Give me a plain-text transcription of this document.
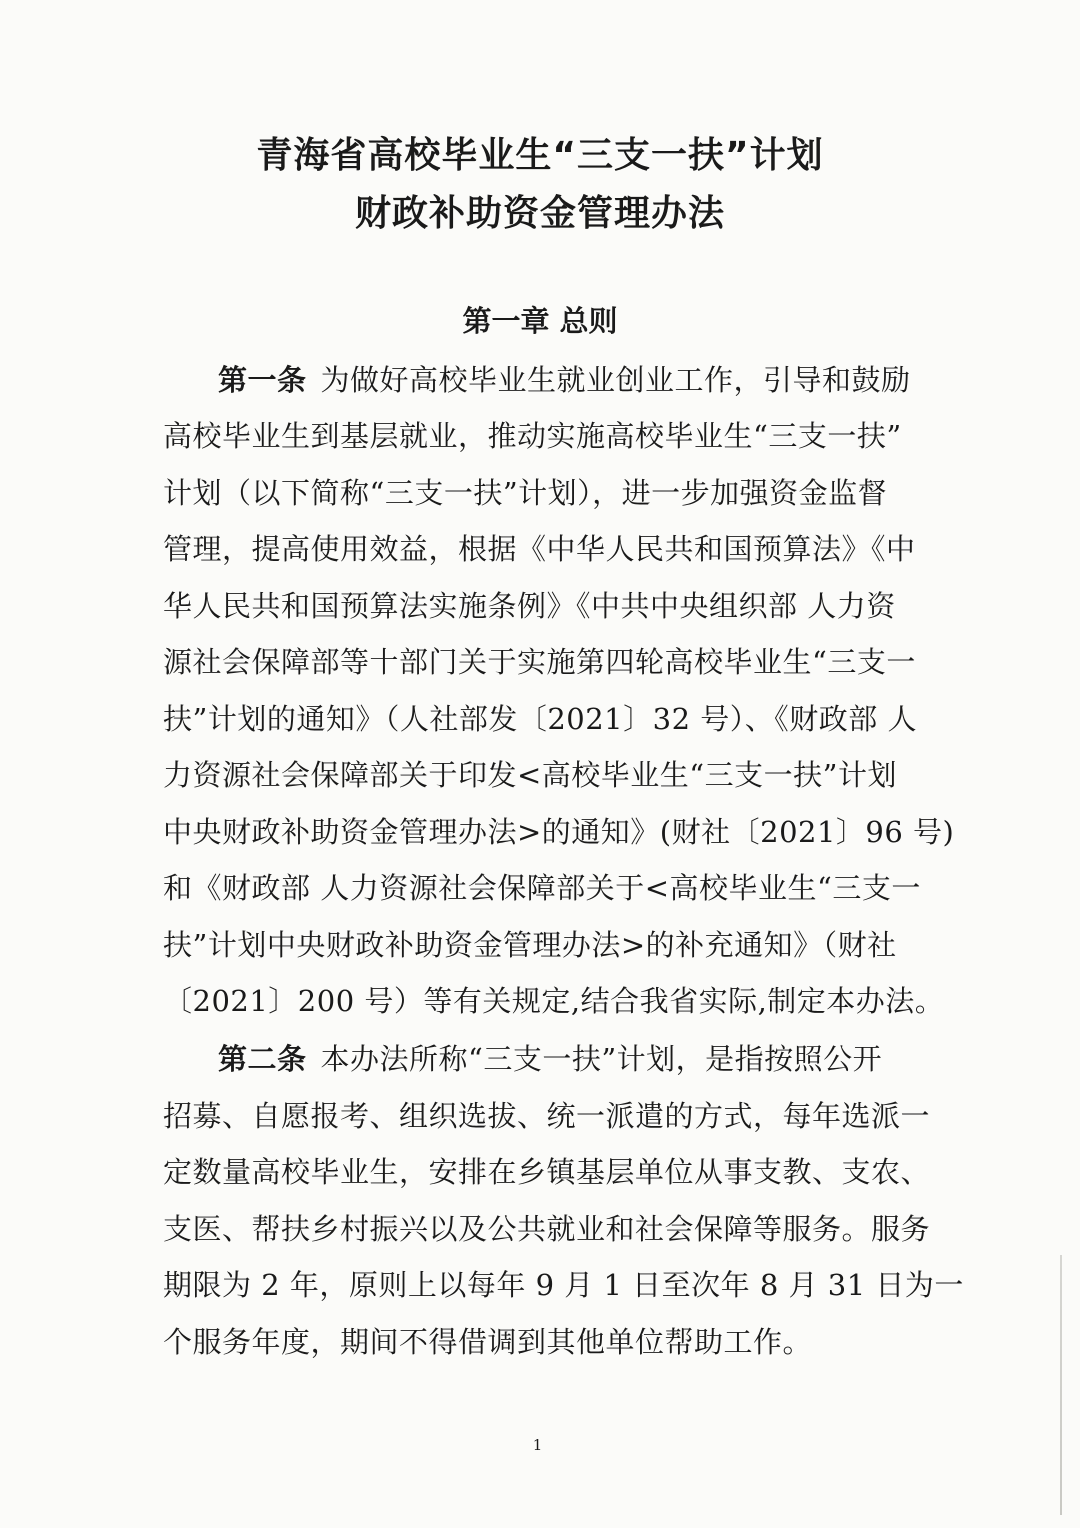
青海省高校毕业生“三支一扶”计划
财政补助资金管理办法
第一章 总则
第一条 为做好高校毕业生就业创业工作，引导和鼓励
高校毕业生到基层就业，推动实施高校毕业生“三支一扶”
计划（以下简称“三支一扶”计划），进一步加强资金监督
管理，提高使用效益，根据《中华人民共和国预算法》《中
华人民共和国预算法实施条例》《中共中央组织部 人力资
源社会保障部等十部门关于实施第四轮高校毕业生“三支一
扶”计划的通知》（人社部发〔2021〕32 号）、《财政部 人
力资源社会保障部关于印发<高校毕业生“三支一扶”计划
中央财政补助资金管理办法>的通知》(财社〔2021〕96 号)
和《财政部 人力资源社会保障部关于<高校毕业生“三支一
扶”计划中央财政补助资金管理办法>的补充通知》（财社
〔2021〕200 号）等有关规定,结合我省实际,制定本办法。
第二条 本办法所称“三支一扶”计划，是指按照公开
招募、自愿报考、组织选拔、统一派遣的方式，每年选派一
定数量高校毕业生，安排在乡镇基层单位从事支教、支农、
支医、帮扶乡村振兴以及公共就业和社会保障等服务。服务
期限为 2 年，原则上以每年 9 月 1 日至次年 8 月 31 日为一
个服务年度，期间不得借调到其他单位帮助工作。
1
